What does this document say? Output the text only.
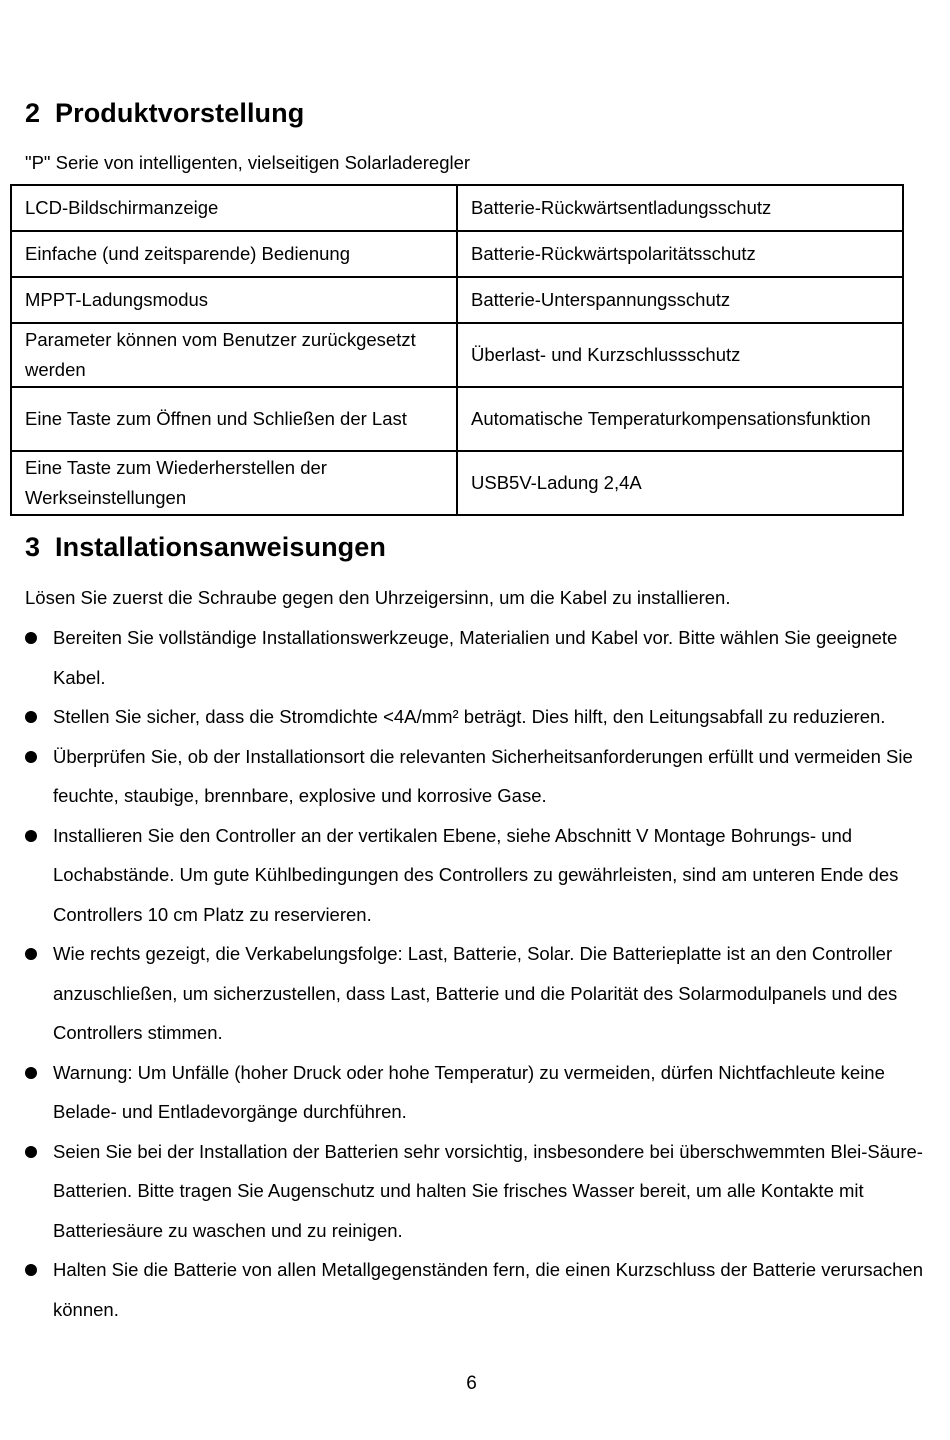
2 Produktvorstellung
"P" Serie von intelligenten, vielseitigen Solarladeregler
LCD-Bildschirmanzeige	Batterie-Rückwärtsentladungsschutz
Einfache (und zeitsparende) Bedienung	Batterie-Rückwärtspolaritätsschutz
MPPT-Ladungsmodus	Batterie-Unterspannungsschutz
Parameter können vom Benutzer zurückgesetzt werden	Überlast- und Kurzschlussschutz
Eine Taste zum Öffnen und Schließen der Last	Automatische Temperaturkompensationsfunktion
Eine Taste zum Wiederherstellen der Werkseinstellungen	USB5V-Ladung 2,4A
3 Installationsanweisungen
Lösen Sie zuerst die Schraube gegen den Uhrzeigersinn, um die Kabel zu installieren.
Bereiten Sie vollständige Installationswerkzeuge, Materialien und Kabel vor. Bitte wählen Sie geeignete Kabel.
Stellen Sie sicher, dass die Stromdichte <4A/mm² beträgt. Dies hilft, den Leitungsabfall zu reduzieren.
Überprüfen Sie, ob der Installationsort die relevanten Sicherheitsanforderungen erfüllt und vermeiden Sie feuchte, staubige, brennbare, explosive und korrosive Gase.
Installieren Sie den Controller an der vertikalen Ebene, siehe Abschnitt V Montage Bohrungs- und Lochabstände. Um gute Kühlbedingungen des Controllers zu gewährleisten, sind am unteren Ende des Controllers 10 cm Platz zu reservieren.
Wie rechts gezeigt, die Verkabelungsfolge: Last, Batterie, Solar. Die Batterieplatte ist an den Controller anzuschließen, um sicherzustellen, dass Last, Batterie und die Polarität des Solarmodulpanels und des Controllers stimmen.
Warnung: Um Unfälle (hoher Druck oder hohe Temperatur) zu vermeiden, dürfen Nichtfachleute keine Belade- und Entladevorgänge durchführen.
Seien Sie bei der Installation der Batterien sehr vorsichtig, insbesondere bei überschwemmten Blei-Säure-Batterien. Bitte tragen Sie Augenschutz und halten Sie frisches Wasser bereit, um alle Kontakte mit Batteriesäure zu waschen und zu reinigen.
Halten Sie die Batterie von allen Metallgegenständen fern, die einen Kurzschluss der Batterie verursachen können.
6
